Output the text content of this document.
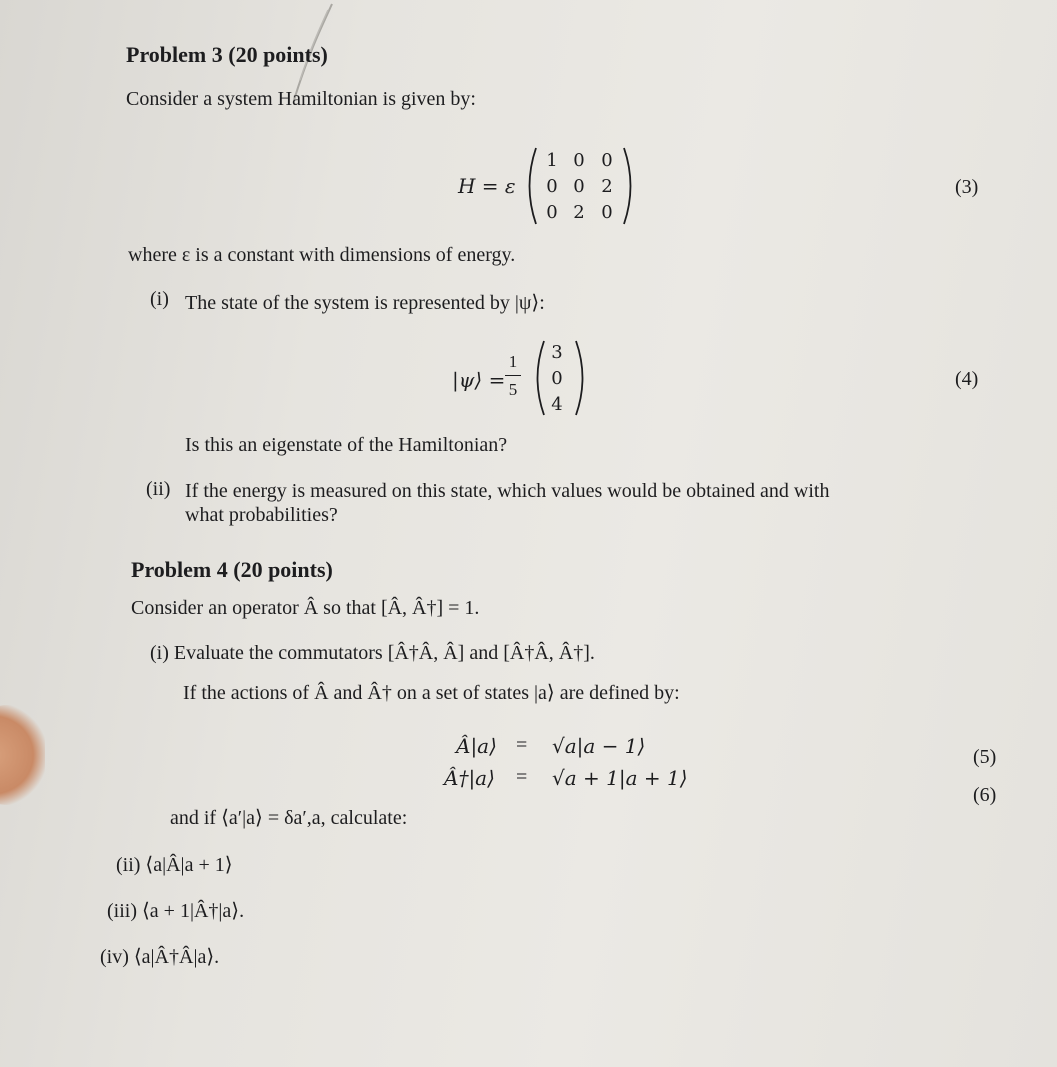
Problem 3 (20 points)
Consider a system Hamiltonian is given by:
H = ε
1 0 0
0 0 2
0 2 0
(3)
where ε is a constant with dimensions of energy.
(i) The state of the system is represented by |ψ⟩:
|ψ⟩ =
1
5
3
0
4
(4)
Is this an eigenstate of the Hamiltonian?
(ii) If the energy is measured on this state, which values would be obtained and with
what probabilities?
Problem 4 (20 points)
Consider an operator Â so that [Â, Â†] = 1.
(i) Evaluate the commutators [Â†Â, Â] and [Â†Â, Â†].
If the actions of Â and Â† on a set of states |a⟩ are defined by:
Â|a⟩ = √a|a − 1⟩
Â†|a⟩ = √a + 1|a + 1⟩
(5)
(6)
and if ⟨a′|a⟩ = δa′,a, calculate:
(ii) ⟨a|Â|a + 1⟩
(iii) ⟨a + 1|Â†|a⟩.
(iv) ⟨a|Â†Â|a⟩.
